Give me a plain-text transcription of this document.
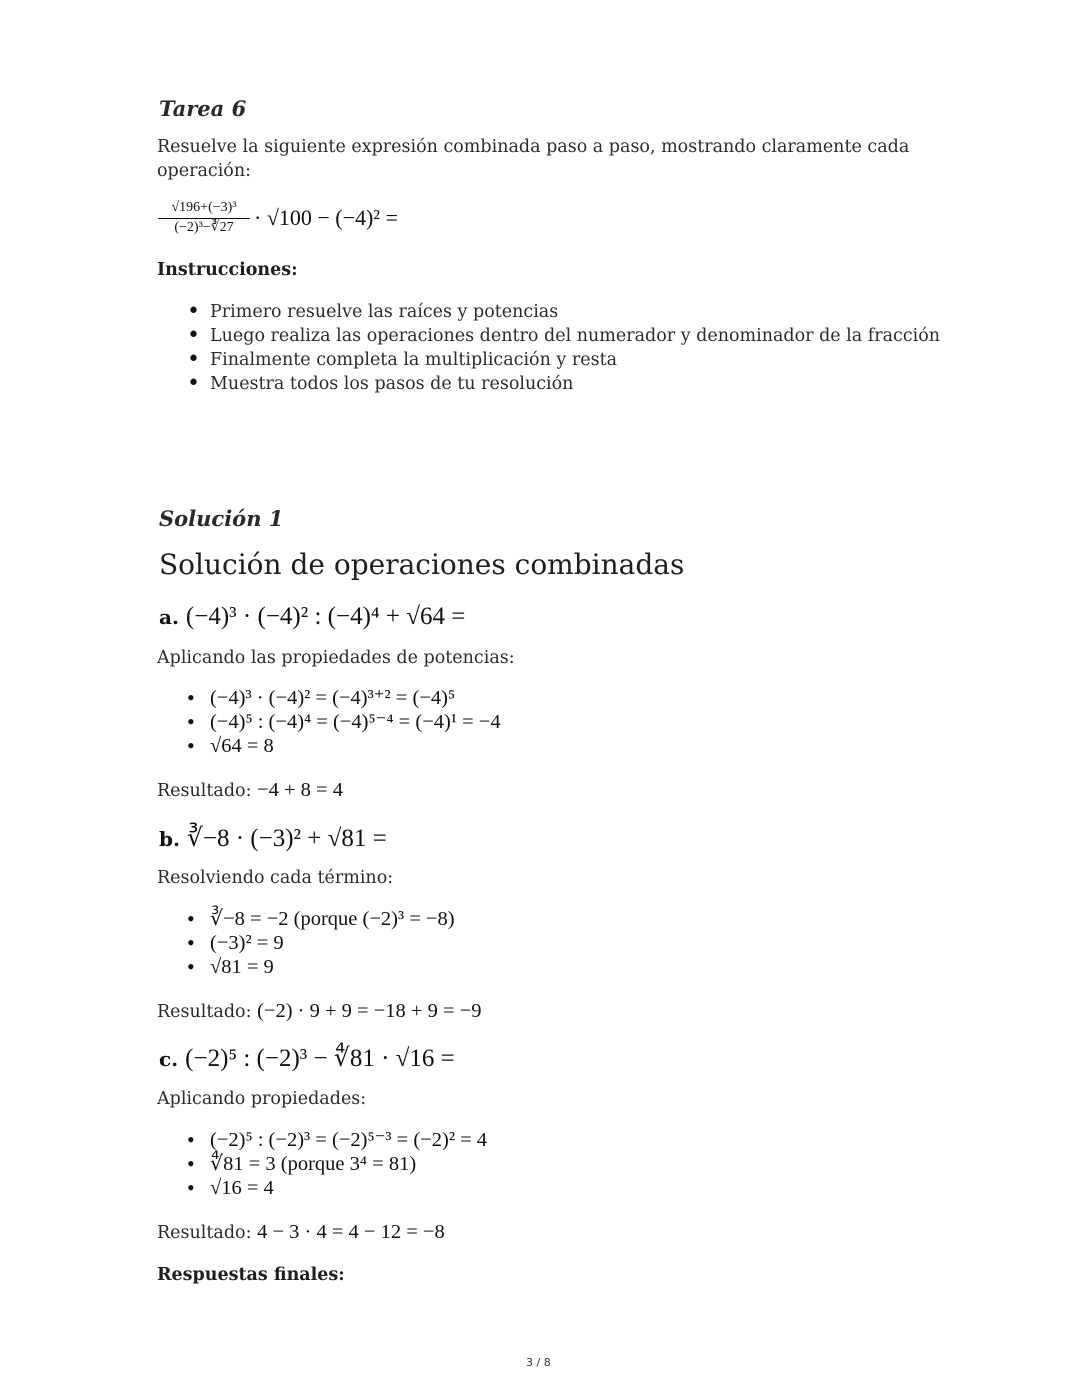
Tarea 6
Resuelve la siguiente expresión combinada paso a paso, mostrando claramente cada
operación:
$\frac{\text{√196+(−3)³}}{\text{(−2)³−∛27}} \cdot √100 - (-4)^2$ =
Instrucciones:
• Primero resuelve las raíces y potencias
• Luego realiza las operaciones dentro del numerador y denominador de la fracción
• Finalmente completa la multiplicación y resta
• Muestra todos los pasos de tu resolución
Solución 1
Solución de operaciones combinadas
a. (−4)³ · (−4)² : (−4)⁴ + √64 =
Aplicando las propiedades de potencias:
• (−4)³ · (−4)² = (−4)³⁺² = (−4)⁵
• (−4)⁵ : (−4)⁴ = (−4)⁵⁻⁴ = (−4)¹ = −4
• √64 = 8
Resultado: −4 + 8 = 4
b. ∛−8 · (−3)² + √81 =
Resolviendo cada término:
• ∛−8 = −2 (porque (−2)³ = −8)
• (−3)² = 9
• √81 = 9
Resultado: (−2) · 9 + 9 = −18 + 9 = −9
c. (−2)⁵ : (−2)³ − ∜81 · √16 =
Aplicando propiedades:
• (−2)⁵ : (−2)³ = (−2)⁵⁻³ = (−2)² = 4
• ∜81 = 3 (porque 3⁴ = 81)
• √16 = 4
Resultado: 4 − 3 · 4 = 4 − 12 = −8
Respuestas finales:
3 / 8
